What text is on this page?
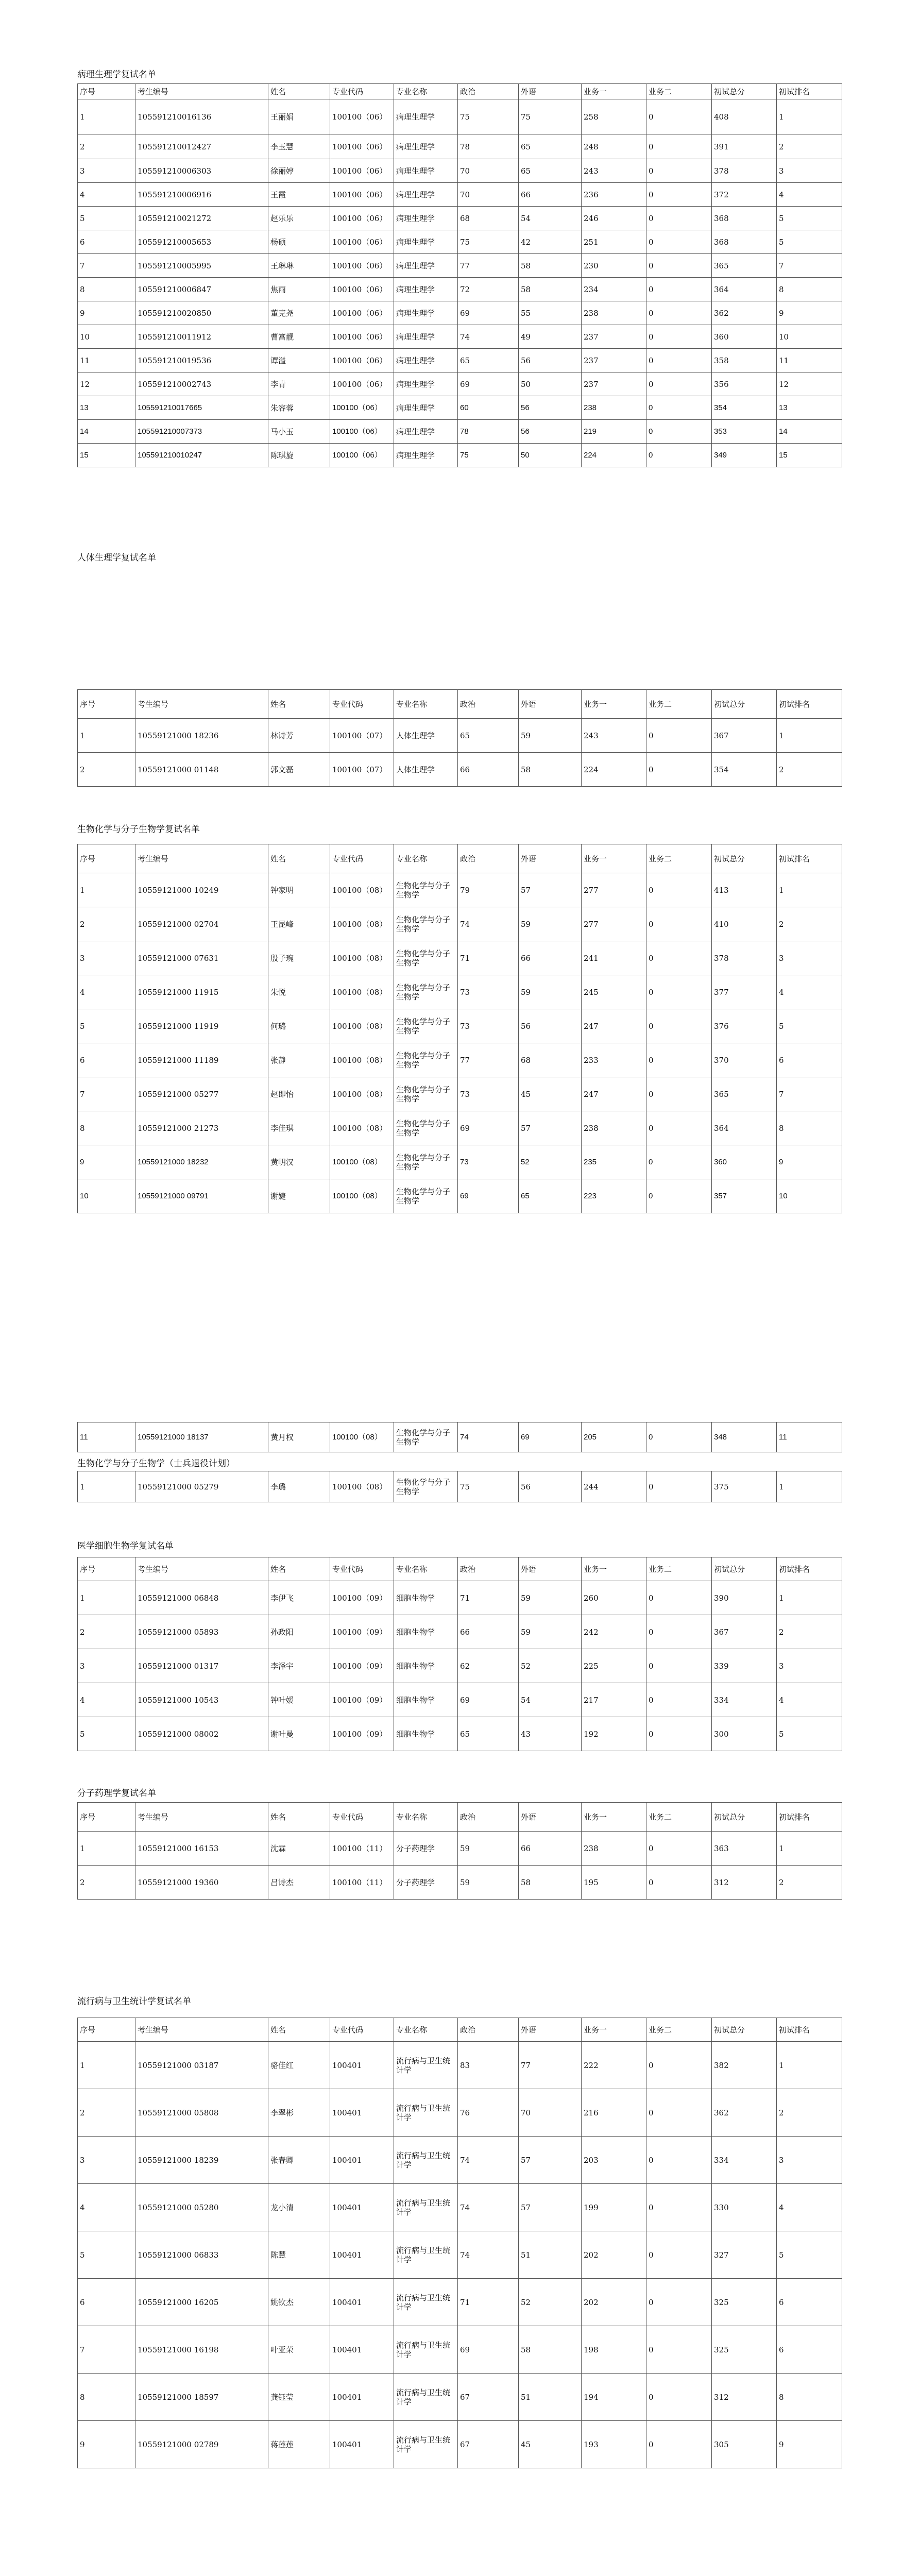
病理生理学复试名单
序号	考生编号	姓名	专业代码	专业名称	政治	外语	业务一	业务二	初试总分	初试排名
1	105591210016136	王丽娟	100100（06）	病理生理学	75	75	258	0	408	1
2	105591210012427	李玉慧	100100（06）	病理生理学	78	65	248	0	391	2
3	105591210006303	徐丽婷	100100（06）	病理生理学	70	65	243	0	378	3
4	105591210006916	王霞	100100（06）	病理生理学	70	66	236	0	372	4
5	105591210021272	赵乐乐	100100（06）	病理生理学	68	54	246	0	368	5
6	105591210005653	杨硕	100100（06）	病理生理学	75	42	251	0	368	5
7	105591210005995	王琳琳	100100（06）	病理生理学	77	58	230	0	365	7
8	105591210006847	焦雨	100100（06）	病理生理学	72	58	234	0	364	8
9	105591210020850	董克尧	100100（06）	病理生理学	69	55	238	0	362	9
10	105591210011912	曹富靓	100100（06）	病理生理学	74	49	237	0	360	10
11	105591210019536	谭溢	100100（06）	病理生理学	65	56	237	0	358	11
12	105591210002743	李青	100100（06）	病理生理学	69	50	237	0	356	12
13	105591210017665	朱容蓉	100100（06）	病理生理学	60	56	238	0	354	13
14	105591210007373	马小玉	100100（06）	病理生理学	78	56	219	0	353	14
15	105591210010247	陈琪旋	100100（06）	病理生理学	75	50	224	0	349	15
人体生理学复试名单
序号	考生编号	姓名	专业代码	专业名称	政治	外语	业务一	业务二	初试总分	初试排名
1	10559121000 18236	林诗芳	100100（07）	人体生理学	65	59	243	0	367	1
2	10559121000 01148	郭文磊	100100（07）	人体生理学	66	58	224	0	354	2
生物化学与分子生物学复试名单
序号	考生编号	姓名	专业代码	专业名称	政治	外语	业务一	业务二	初试总分	初试排名
1	10559121000 10249	钟家明	100100（08）	生物化学与分子生物学	79	57	277	0	413	1
2	10559121000 02704	王昆峰	100100（08）	生物化学与分子生物学	74	59	277	0	410	2
3	10559121000 07631	殷子琬	100100（08）	生物化学与分子生物学	71	66	241	0	378	3
4	10559121000 11915	朱悦	100100（08）	生物化学与分子生物学	73	59	245	0	377	4
5	10559121000 11919	何璐	100100（08）	生物化学与分子生物学	73	56	247	0	376	5
6	10559121000 11189	张静	100100（08）	生物化学与分子生物学	77	68	233	0	370	6
7	10559121000 05277	赵即怡	100100（08）	生物化学与分子生物学	73	45	247	0	365	7
8	10559121000 21273	李佳琪	100100（08）	生物化学与分子生物学	69	57	238	0	364	8
9	10559121000 18232	黄明汉	100100（08）	生物化学与分子生物学	73	52	235	0	360	9
10	10559121000 09791	谢婕	100100（08）	生物化学与分子生物学	69	65	223	0	357	10
11	10559121000 18137	黄月权	100100（08）	生物化学与分子生物学	74	69	205	0	348	11
生物化学与分子生物学（士兵退役计划）
1	10559121000 05279	李璐	100100（08）	生物化学与分子生物学	75	56	244	0	375	1
医学细胞生物学复试名单
序号	考生编号	姓名	专业代码	专业名称	政治	外语	业务一	业务二	初试总分	初试排名
1	10559121000 06848	李伊飞	100100（09）	细胞生物学	71	59	260	0	390	1
2	10559121000 05893	孙政阳	100100（09）	细胞生物学	66	59	242	0	367	2
3	10559121000 01317	李泽宇	100100（09）	细胞生物学	62	52	225	0	339	3
4	10559121000 10543	钟叶媛	100100（09）	细胞生物学	69	54	217	0	334	4
5	10559121000 08002	谢叶曼	100100（09）	细胞生物学	65	43	192	0	300	5
分子药理学复试名单
序号	考生编号	姓名	专业代码	专业名称	政治	外语	业务一	业务二	初试总分	初试排名
1	10559121000 16153	沈霖	100100（11）	分子药理学	59	66	238	0	363	1
2	10559121000 19360	吕诗杰	100100（11）	分子药理学	59	58	195	0	312	2
流行病与卫生统计学复试名单
序号	考生编号	姓名	专业代码	专业名称	政治	外语	业务一	业务二	初试总分	初试排名
1	10559121000 03187	骆佳红	100401	流行病与卫生统计学	83	77	222	0	382	1
2	10559121000 05808	李翠彬	100401	流行病与卫生统计学	76	70	216	0	362	2
3	10559121000 18239	张春卿	100401	流行病与卫生统计学	74	57	203	0	334	3
4	10559121000 05280	龙小清	100401	流行病与卫生统计学	74	57	199	0	330	4
5	10559121000 06833	陈慧	100401	流行病与卫生统计学	74	51	202	0	327	5
6	10559121000 16205	姚钦杰	100401	流行病与卫生统计学	71	52	202	0	325	6
7	10559121000 16198	叶亚荣	100401	流行病与卫生统计学	69	58	198	0	325	6
8	10559121000 18597	龚钰莹	100401	流行病与卫生统计学	67	51	194	0	312	8
9	10559121000 02789	蒋莲莲	100401	流行病与卫生统计学	67	45	193	0	305	9
